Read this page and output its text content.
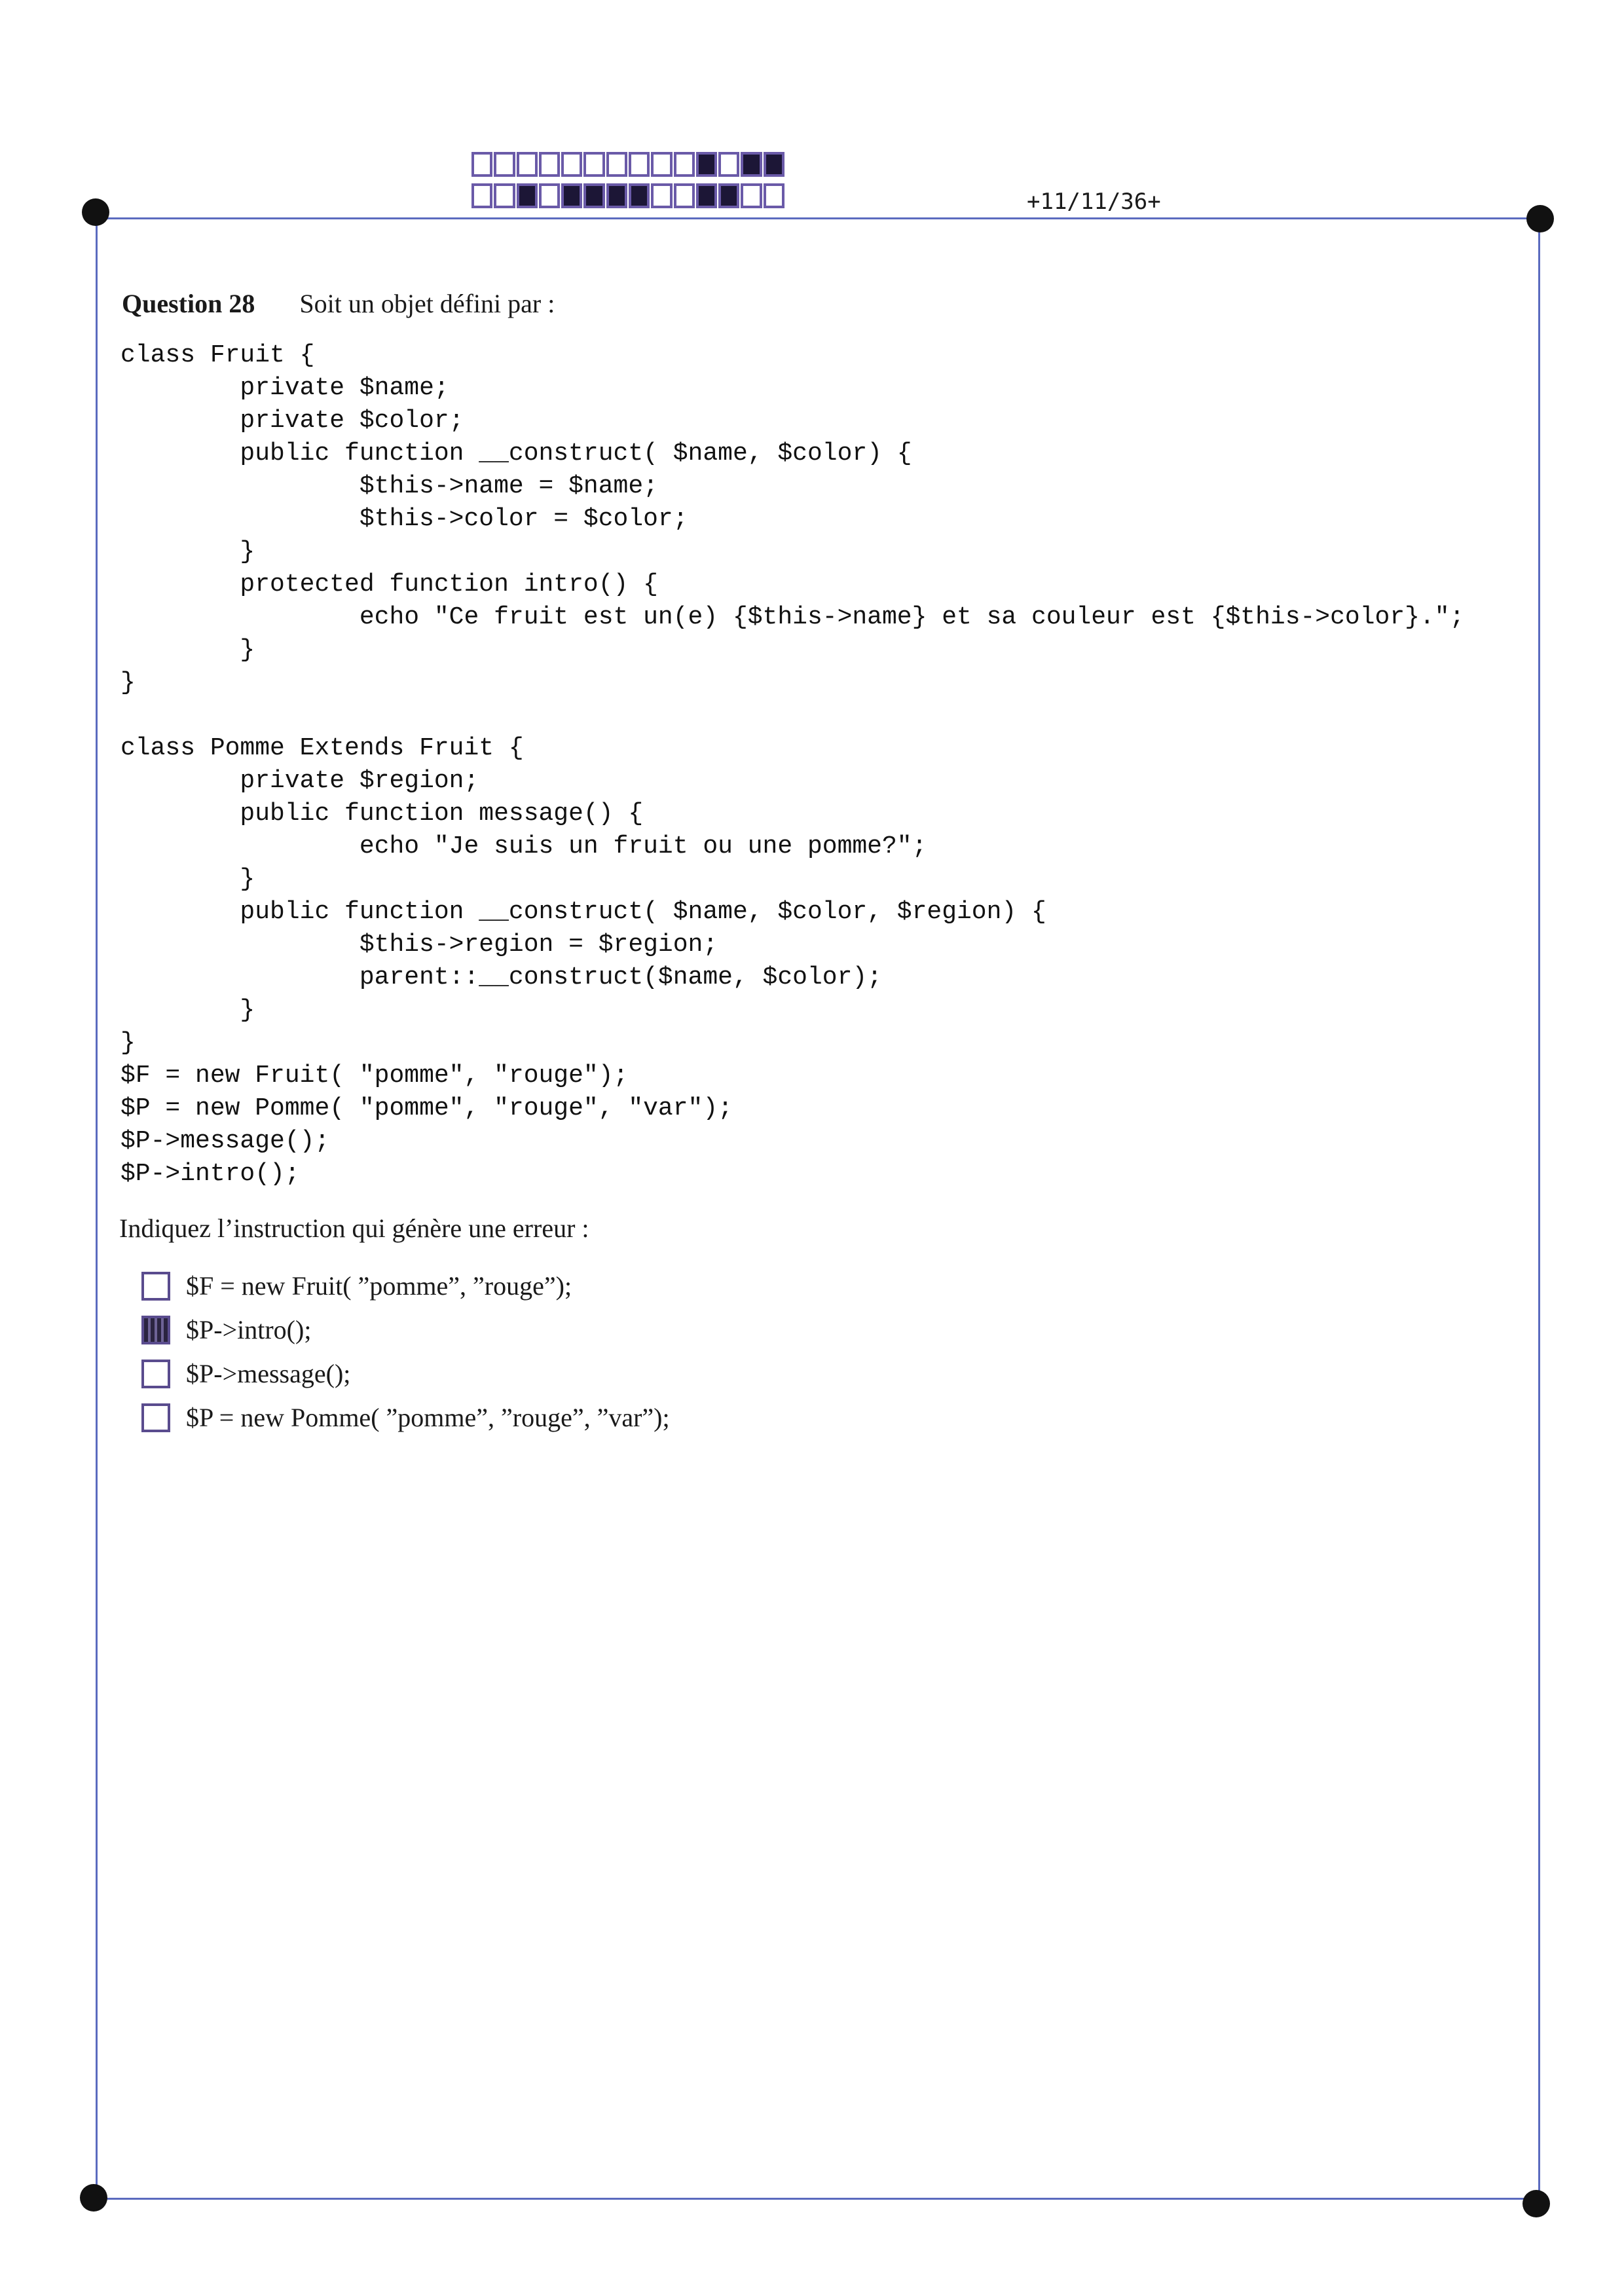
+11/11/36+
Question 28 Soit un objet défini par :
class Fruit {
private $name;
private $color;
public function __construct( $name, $color) {
$this->name = $name;
$this->color = $color;
}
protected function intro() {
echo "Ce fruit est un(e) {$this->name} et sa couleur est {$this->color}.";
}
}

class Pomme Extends Fruit {
private $region;
public function message() {
echo "Je suis un fruit ou une pomme?";
}
public function __construct( $name, $color, $region) {
$this->region = $region;
parent::__construct($name, $color);
}
}
$F = new Fruit( "pomme", "rouge");
$P = new Pomme( "pomme", "rouge", "var");
$P->message();
$P->intro();
Indiquez l’instruction qui génère une erreur :
$F = new Fruit( ”pomme”, ”rouge”);
$P->intro();
$P->message();
$P = new Pomme( ”pomme”, ”rouge”, ”var”);
